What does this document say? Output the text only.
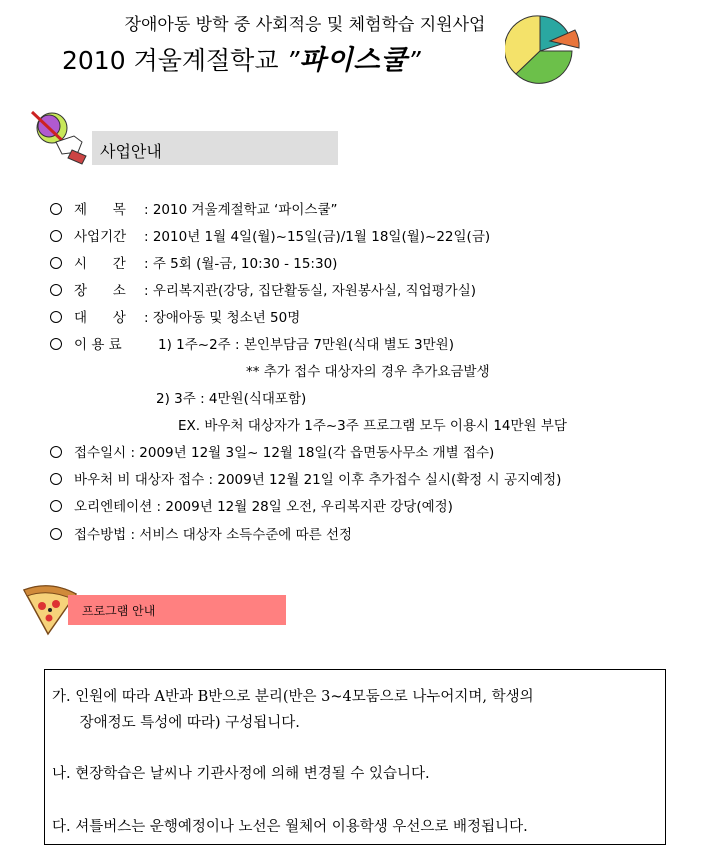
장애아동 방학 중 사회적응 및 체험학습 지원사업
2010 겨울계절학교 ”파이스쿨”
사업안내
제      목 : 2010 겨울계절학교 ‘파이스쿨”
사업기간 : 2010년 1월 4일(월)~15일(금)/1월 18일(월)~22일(금)
시      간 : 주 5회 (월-금, 10:30 - 15:30)
장      소 : 우리복지관(강당, 집단활동실, 자원봉사실, 직업평가실)
대      상 : 장애아동 및 청소년 50명
이 용 료	1) 1주~2주 : 본인부담금 7만원(식대 별도 3만원)
** 추가 접수 대상자의 경우 추가요금발생
2) 3주 : 4만원(식대포함)
EX. 바우처 대상자가 1주~3주 프로그램 모두 이용시 14만원 부담
접수일시 : 2009년 12월 3일~ 12월 18일(각 읍면동사무소 개별 접수)
바우처 비 대상자 접수 : 2009년 12월 21일 이후 추가접수 실시(확정 시 공지예정)
오리엔테이션 : 2009년 12월 28일 오전, 우리복지관 강당(예정)
접수방법 : 서비스 대상자 소득수준에 따른 선정
프로그램 안내
가. 인원에 따라 A반과 B반으로 분리(반은 3~4모둠으로 나누어지며, 학생의
장애정도 특성에 따라) 구성됩니다.
나. 현장학습은 날씨나 기관사정에 의해 변경될 수 있습니다.
다. 셔틀버스는 운행예정이나 노선은 월체어 이용학생 우선으로 배정됩니다.
